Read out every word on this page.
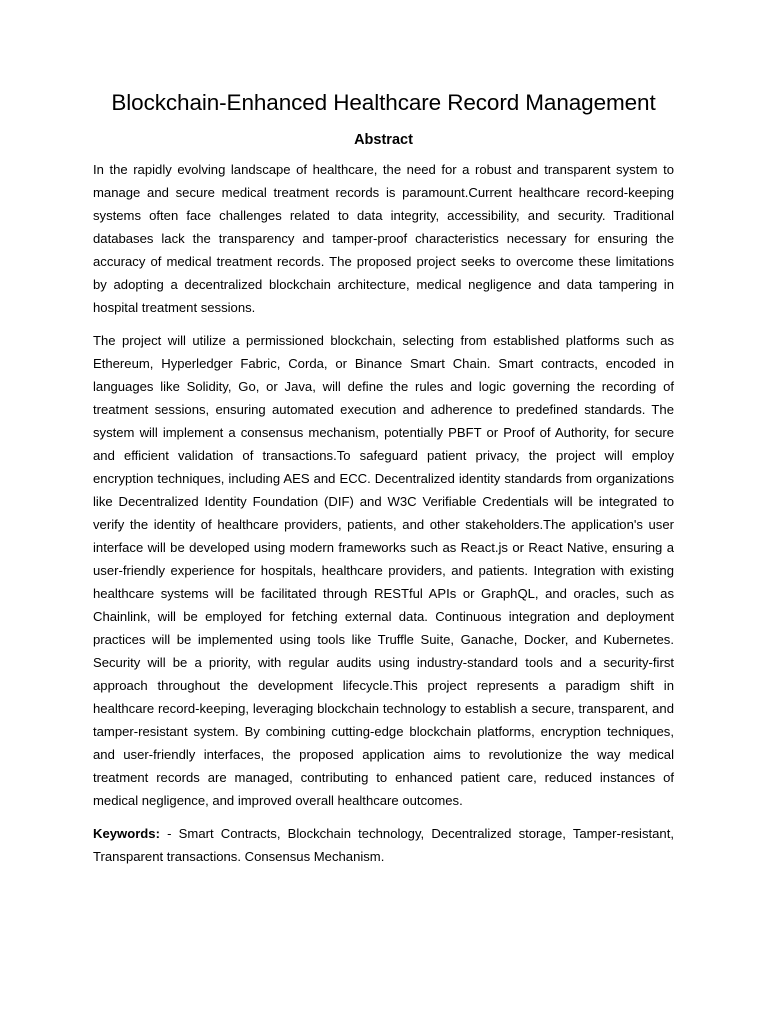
Blockchain-Enhanced Healthcare Record Management
Abstract

In the rapidly evolving landscape of healthcare, the need for a robust and transparent system to manage and secure medical treatment records is paramount.Current healthcare record-keeping systems often face challenges related to data integrity, accessibility, and security. Traditional databases lack the transparency and tamper-proof characteristics necessary for ensuring the accuracy of medical treatment records. The proposed project seeks to overcome these limitations by adopting a decentralized blockchain architecture, medical negligence and data tampering in hospital treatment sessions.

The project will utilize a permissioned blockchain, selecting from established platforms such as Ethereum, Hyperledger Fabric, Corda, or Binance Smart Chain. Smart contracts, encoded in languages like Solidity, Go, or Java, will define the rules and logic governing the recording of treatment sessions, ensuring automated execution and adherence to predefined standards. The system will implement a consensus mechanism, potentially PBFT or Proof of Authority, for secure and efficient validation of transactions.To safeguard patient privacy, the project will employ encryption techniques, including AES and ECC. Decentralized identity standards from organizations like Decentralized Identity Foundation (DIF) and W3C Verifiable Credentials will be integrated to verify the identity of healthcare providers, patients, and other stakeholders.The application's user interface will be developed using modern frameworks such as React.js or React Native, ensuring a user-friendly experience for hospitals, healthcare providers, and patients. Integration with existing healthcare systems will be facilitated through RESTful APIs or GraphQL, and oracles, such as Chainlink, will be employed for fetching external data. Continuous integration and deployment practices will be implemented using tools like Truffle Suite, Ganache, Docker, and Kubernetes. Security will be a priority, with regular audits using industry-standard tools and a security-first approach throughout the development lifecycle.This project represents a paradigm shift in healthcare record-keeping, leveraging blockchain technology to establish a secure, transparent, and tamper-resistant system. By combining cutting-edge blockchain platforms, encryption techniques, and user-friendly interfaces, the proposed application aims to revolutionize the way medical treatment records are managed, contributing to enhanced patient care, reduced instances of medical negligence, and improved overall healthcare outcomes.

Keywords: - Smart Contracts, Blockchain technology, Decentralized storage, Tamper-resistant, Transparent transactions. Consensus Mechanism.
